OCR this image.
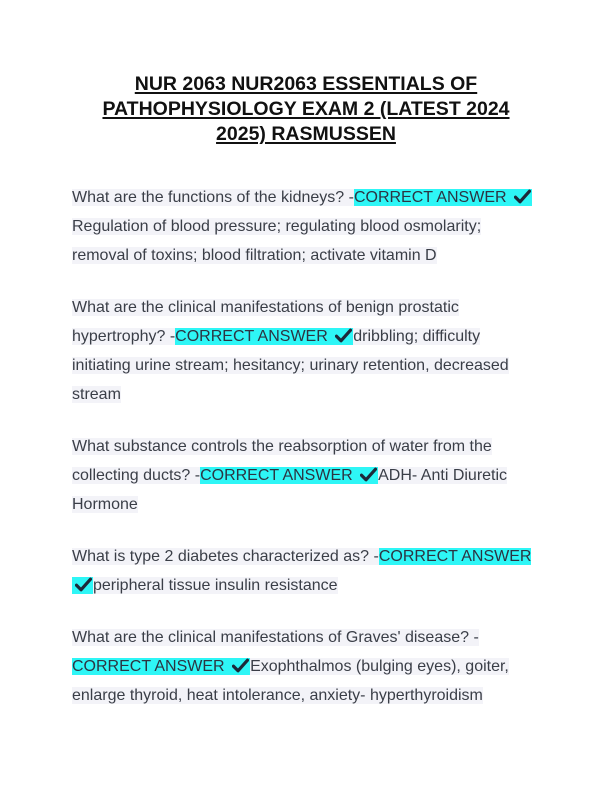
NUR 2063 NUR2063 ESSENTIALS OF PATHOPHYSIOLOGY EXAM 2 (LATEST 2024 2025) RASMUSSEN

What are the functions of the kidneys? -CORRECT ANSWER
Regulation of blood pressure; regulating blood osmolarity; removal of toxins; blood filtration; activate vitamin D

What are the clinical manifestations of benign prostatic hypertrophy? -CORRECT ANSWER dribbling; difficulty initiating urine stream; hesitancy; urinary retention, decreased stream

What substance controls the reabsorption of water from the collecting ducts? -CORRECT ANSWER ADH- Anti Diuretic Hormone

What is type 2 diabetes characterized as? -CORRECT ANSWER
peripheral tissue insulin resistance

What are the clinical manifestations of Graves' disease? -CORRECT ANSWER Exophthalmos (bulging eyes), goiter, enlarge thyroid, heat intolerance, anxiety- hyperthyroidism
